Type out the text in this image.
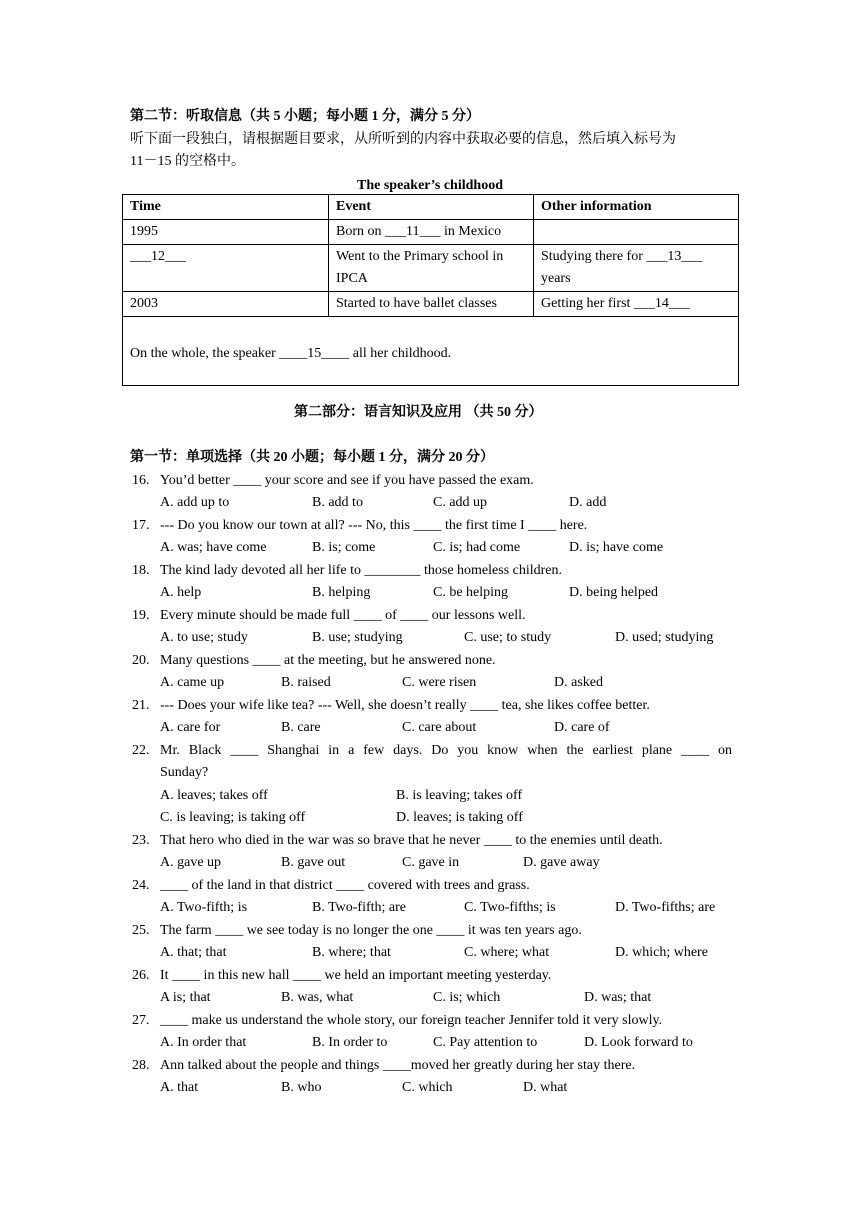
第二节：听取信息（共 5 小题；每小题 1 分，满分 5 分）
听下面一段独白，请根据题目要求，从所听到的内容中获取必要的信息，然后填入标号为
11－15 的空格中。
The speaker’s childhood
Time	Event	Other information
1995	Born on ___11___ in Mexico	
___12___	Went to the Primary school in IPCA	Studying there for ___13___ years
2003	Started to have ballet classes	Getting her first ___14___
On the whole, the speaker ____15____ all her childhood.		
第二部分：语言知识及应用 （共 50 分）
第一节：单项选择（共 20 小题；每小题 1 分，满分 20 分）
16. You’d better ____ your score and see if you have passed the exam.
A. add up to	B. add to	C. add up	D. add
17. --- Do you know our town at all? --- No, this ____ the first time I ____ here.
A. was; have come	B. is; come	C. is; had come	D. is; have come
18. The kind lady devoted all her life to ________ those homeless children.
A. help	B. helping	C. be helping	D. being helped
19. Every minute should be made full ____ of ____ our lessons well.
A. to use; study	B. use; studying	C. use; to study	D. used; studying
20. Many questions ____ at the meeting, but he answered none.
A. came up	B. raised	C. were risen	D. asked
21. --- Does your wife like tea? --- Well, she doesn’t really ____ tea, she likes coffee better.
A. care for	B. care	C. care about	D. care of
22. Mr. Black ____ Shanghai in a few days. Do you know when the earliest plane ____ on
Sunday?
A. leaves; takes off	B. is leaving; takes off
C. is leaving; is taking off	D. leaves; is taking off
23. That hero who died in the war was so brave that he never ____ to the enemies until death.
A. gave up	B. gave out	C. gave in	D. gave away
24. ____ of the land in that district ____ covered with trees and grass.
A. Two-fifth; is	B. Two-fifth; are	C. Two-fifths; is	D. Two-fifths; are
25. The farm ____ we see today is no longer the one ____ it was ten years ago.
A. that; that	B. where; that	C. where; what	D. which; where
26. It ____ in this new hall ____ we held an important meeting yesterday.
A is; that	B. was, what	C. is; which	D. was; that
27. ____ make us understand the whole story, our foreign teacher Jennifer told it very slowly.
A. In order that	B. In order to	C. Pay attention to	D. Look forward to
28. Ann talked about the people and things ____moved her greatly during her stay there.
A. that	B. who	C. which	D. what
